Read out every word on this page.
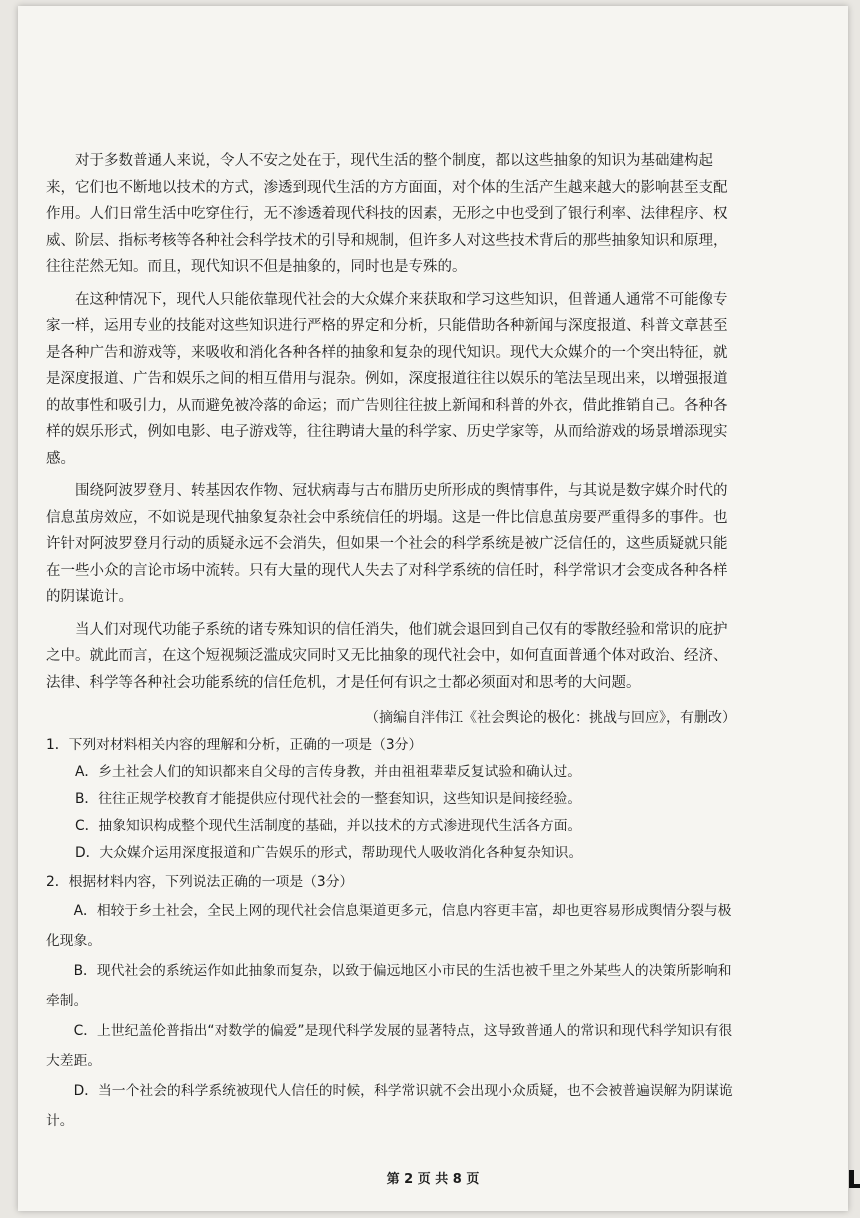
对于多数普通人来说，令人不安之处在于，现代生活的整个制度，都以这些抽象的知识为基础建构起来，它们也不断地以技术的方式，渗透到现代生活的方方面面，对个体的生活产生越来越大的影响甚至支配作用。人们日常生活中吃穿住行，无不渗透着现代科技的因素，无形之中也受到了银行利率、法律程序、权威、阶层、指标考核等各种社会科学技术的引导和规制，但许多人对这些技术背后的那些抽象知识和原理，往往茫然无知。而且，现代知识不但是抽象的，同时也是专殊的。

在这种情况下，现代人只能依靠现代社会的大众媒介来获取和学习这些知识，但普通人通常不可能像专家一样，运用专业的技能对这些知识进行严格的界定和分析，只能借助各种新闻与深度报道、科普文章甚至是各种广告和游戏等，来吸收和消化各种各样的抽象和复杂的现代知识。现代大众媒介的一个突出特征，就是深度报道、广告和娱乐之间的相互借用与混杂。例如，深度报道往往以娱乐的笔法呈现出来，以增强报道的故事性和吸引力，从而避免被冷落的命运；而广告则往往披上新闻和科普的外衣，借此推销自己。各种各样的娱乐形式，例如电影、电子游戏等，往往聘请大量的科学家、历史学家等，从而给游戏的场景增添现实感。

围绕阿波罗登月、转基因农作物、冠状病毒与古布腊历史所形成的舆情事件，与其说是数字媒介时代的信息茧房效应，不如说是现代抽象复杂社会中系统信任的坍塌。这是一件比信息茧房要严重得多的事件。也许针对阿波罗登月行动的质疑永远不会消失，但如果一个社会的科学系统是被广泛信任的，这些质疑就只能在一些小众的言论市场中流转。只有大量的现代人失去了对科学系统的信任时，科学常识才会变成各种各样的阴谋诡计。

当人们对现代功能子系统的诸专殊知识的信任消失，他们就会退回到自己仅有的零散经验和常识的庇护之中。就此而言，在这个短视频泛滥成灾同时又无比抽象的现代社会中，如何直面普通个体对政治、经济、法律、科学等各种社会功能系统的信任危机，才是任何有识之士都必须面对和思考的大问题。

（摘编自泮伟江《社会舆论的极化：挑战与回应》，有删改）

1．下列对材料相关内容的理解和分析，正确的一项是（3分）

A．乡土社会人们的知识都来自父母的言传身教，并由祖祖辈辈反复试验和确认过。

B．往往正规学校教育才能提供应付现代社会的一整套知识，这些知识是间接经验。

C．抽象知识构成整个现代生活制度的基础，并以技术的方式渗进现代生活各方面。

D．大众媒介运用深度报道和广告娱乐的形式，帮助现代人吸收消化各种复杂知识。

2．根据材料内容，下列说法正确的一项是（3分）

A．相较于乡土社会，全民上网的现代社会信息渠道更多元，信息内容更丰富，却也更容易形成舆情分裂与极化现象。

B．现代社会的系统运作如此抽象而复杂，以致于偏远地区小市民的生活也被千里之外某些人的决策所影响和牵制。

C．上世纪盖伦普指出“对数学的偏爱”是现代科学发展的显著特点，这导致普通人的常识和现代科学知识有很大差距。

D．当一个社会的科学系统被现代人信任的时候，科学常识就不会出现小众质疑，也不会被普遍误解为阴谋诡计。

第 2 页 共 8 页
